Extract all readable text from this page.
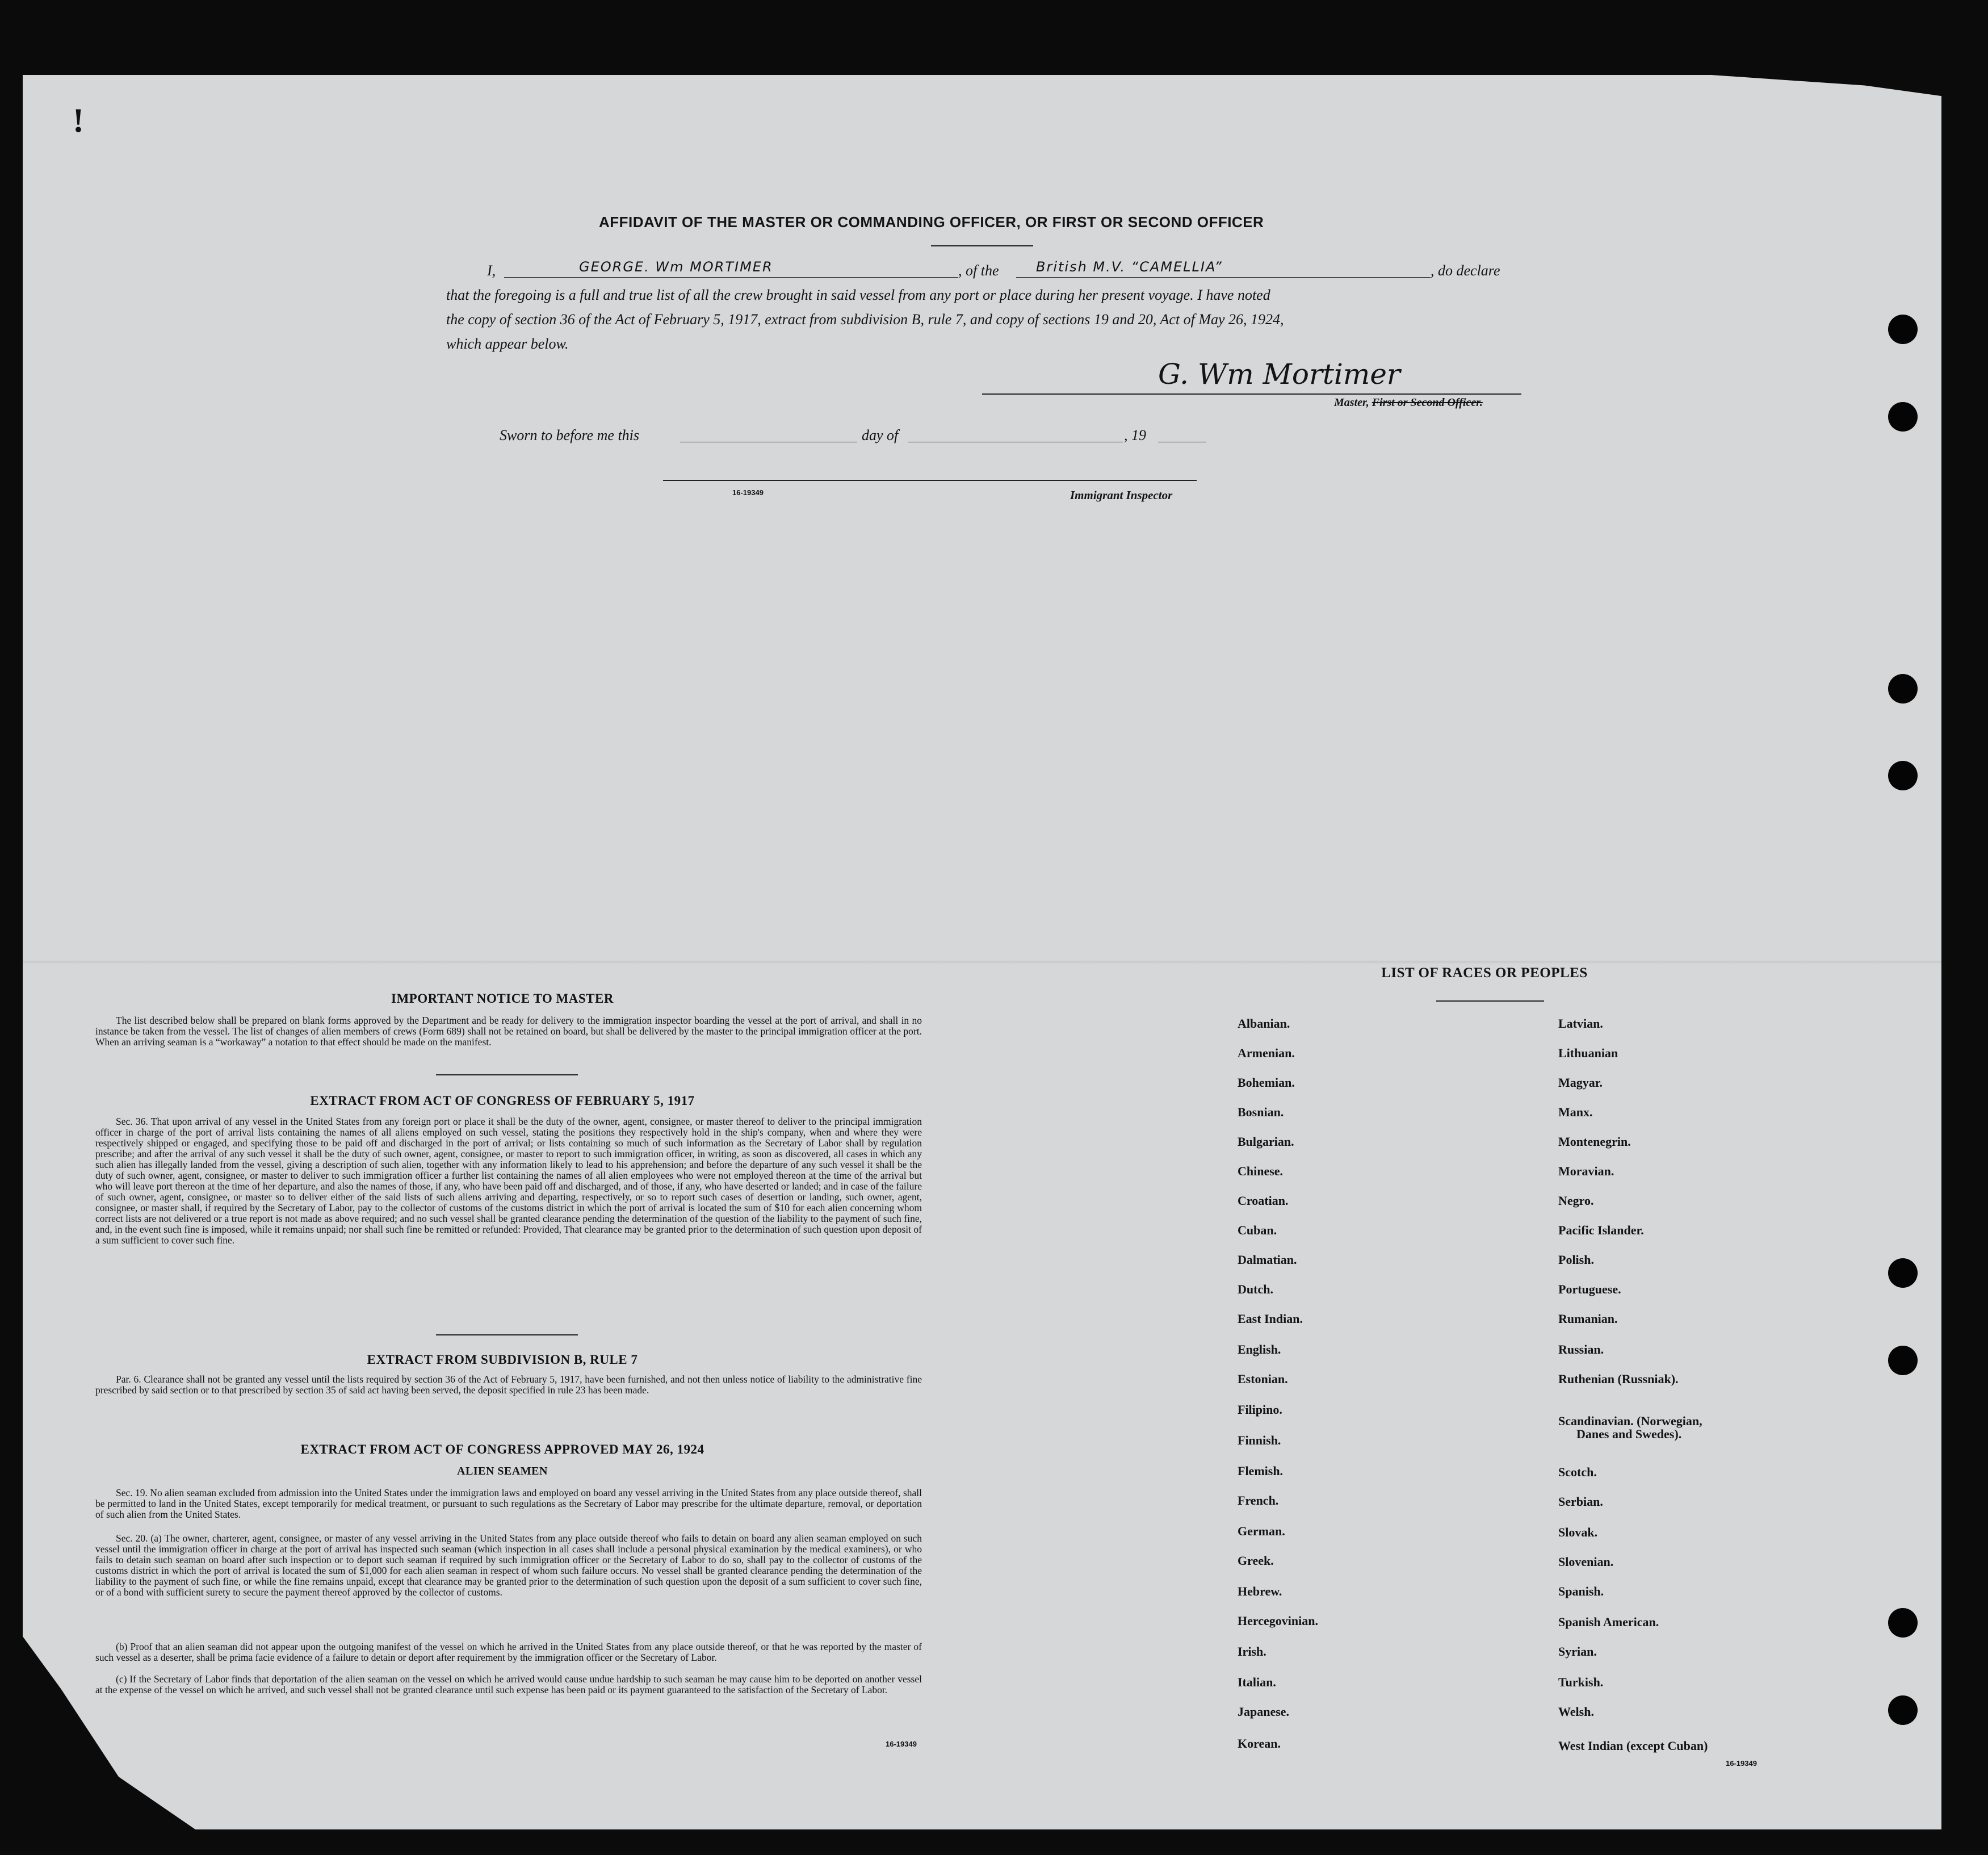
!
AFFIDAVIT OF THE MASTER OR COMMANDING OFFICER, OR FIRST OR SECOND OFFICER
I,	GEORGE. Wm MORTIMER	, of the	British M.V. “CAMELLIA”	, do declare
that the foregoing is a full and true list of all the crew brought in said vessel from any port or place during her present voyage. I have noted
the copy of section 36 of the Act of February 5, 1917, extract from subdivision B, rule 7, and copy of sections 19 and 20, Act of May 26, 1924,
which appear below.
G. Wm Mortimer
Master, First or Second Officer.
Sworn to before me this	day of	, 19
16-19349	Immigrant Inspector
IMPORTANT NOTICE TO MASTER
The list described below shall be prepared on blank forms approved by the Department and be ready for delivery to the immigration inspector boarding the vessel at the port of arrival, and shall in no instance be taken from the vessel. The list of changes of alien members of crews (Form 689) shall not be retained on board, but shall be delivered by the master to the principal immigration officer at the port. When an arriving seaman is a “workaway” a notation to that effect should be made on the manifest.
EXTRACT FROM ACT OF CONGRESS OF FEBRUARY 5, 1917
Sec. 36. That upon arrival of any vessel in the United States from any foreign port or place it shall be the duty of the owner, agent, consignee, or master thereof to deliver to the principal immigration officer in charge of the port of arrival lists containing the names of all aliens employed on such vessel, stating the positions they respectively hold in the ship's company, when and where they were respectively shipped or engaged, and specifying those to be paid off and discharged in the port of arrival; or lists containing so much of such information as the Secretary of Labor shall by regulation prescribe; and after the arrival of any such vessel it shall be the duty of such owner, agent, consignee, or master to report to such immigration officer, in writing, as soon as discovered, all cases in which any such alien has illegally landed from the vessel, giving a description of such alien, together with any information likely to lead to his apprehension; and before the departure of any such vessel it shall be the duty of such owner, agent, consignee, or master to deliver to such immigration officer a further list containing the names of all alien employees who were not employed thereon at the time of the arrival but who will leave port thereon at the time of her departure, and also the names of those, if any, who have been paid off and discharged, and of those, if any, who have deserted or landed; and in case of the failure of such owner, agent, consignee, or master so to deliver either of the said lists of such aliens arriving and departing, respectively, or so to report such cases of desertion or landing, such owner, agent, consignee, or master shall, if required by the Secretary of Labor, pay to the collector of customs of the customs district in which the port of arrival is located the sum of $10 for each alien concerning whom correct lists are not delivered or a true report is not made as above required; and no such vessel shall be granted clearance pending the determination of the question of the liability to the payment of such fine, and, in the event such fine is imposed, while it remains unpaid; nor shall such fine be remitted or refunded: Provided, That clearance may be granted prior to the determination of such question upon deposit of a sum sufficient to cover such fine.
EXTRACT FROM SUBDIVISION B, RULE 7
Par. 6. Clearance shall not be granted any vessel until the lists required by section 36 of the Act of February 5, 1917, have been furnished, and not then unless notice of liability to the administrative fine prescribed by said section or to that prescribed by section 35 of said act having been served, the deposit specified in rule 23 has been made.
EXTRACT FROM ACT OF CONGRESS APPROVED MAY 26, 1924
ALIEN SEAMEN
Sec. 19. No alien seaman excluded from admission into the United States under the immigration laws and employed on board any vessel arriving in the United States from any place outside thereof, shall be permitted to land in the United States, except temporarily for medical treatment, or pursuant to such regulations as the Secretary of Labor may prescribe for the ultimate departure, removal, or deportation of such alien from the United States.
Sec. 20. (a) The owner, charterer, agent, consignee, or master of any vessel arriving in the United States from any place outside thereof who fails to detain on board any alien seaman employed on such vessel until the immigration officer in charge at the port of arrival has inspected such seaman (which inspection in all cases shall include a personal physical examination by the medical examiners), or who fails to detain such seaman on board after such inspection or to deport such seaman if required by such immigration officer or the Secretary of Labor to do so, shall pay to the collector of customs of the customs district in which the port of arrival is located the sum of $1,000 for each alien seaman in respect of whom such failure occurs. No vessel shall be granted clearance pending the determination of the liability to the payment of such fine, or while the fine remains unpaid, except that clearance may be granted prior to the determination of such question upon the deposit of a sum sufficient to cover such fine, or of a bond with sufficient surety to secure the payment thereof approved by the collector of customs.
(b) Proof that an alien seaman did not appear upon the outgoing manifest of the vessel on which he arrived in the United States from any place outside thereof, or that he was reported by the master of such vessel as a deserter, shall be prima facie evidence of a failure to detain or deport after requirement by the immigration officer or the Secretary of Labor.
(c) If the Secretary of Labor finds that deportation of the alien seaman on the vessel on which he arrived would cause undue hardship to such seaman he may cause him to be deported on another vessel at the expense of the vessel on which he arrived, and such vessel shall not be granted clearance until such expense has been paid or its payment guaranteed to the satisfaction of the Secretary of Labor.
16-19349
LIST OF RACES OR PEOPLES
Albanian.
Armenian.
Bohemian.
Bosnian.
Bulgarian.
Chinese.
Croatian.
Cuban.
Dalmatian.
Dutch.
East Indian.
English.
Estonian.
Filipino.
Finnish.
Flemish.
French.
German.
Greek.
Hebrew.
Hercegovinian.
Irish.
Italian.
Japanese.
Korean.
Latvian.
Lithuanian
Magyar.
Manx.
Montenegrin.
Moravian.
Negro.
Pacific Islander.
Polish.
Portuguese.
Rumanian.
Russian.
Ruthenian (Russniak).
Scandinavian. (Norwegian,
Scotch.
Serbian.
Slovak.
Slovenian.
Spanish.
Spanish American.
Syrian.
Turkish.
Welsh.
West Indian (except Cuban)
Danes and Swedes).
16-19349
